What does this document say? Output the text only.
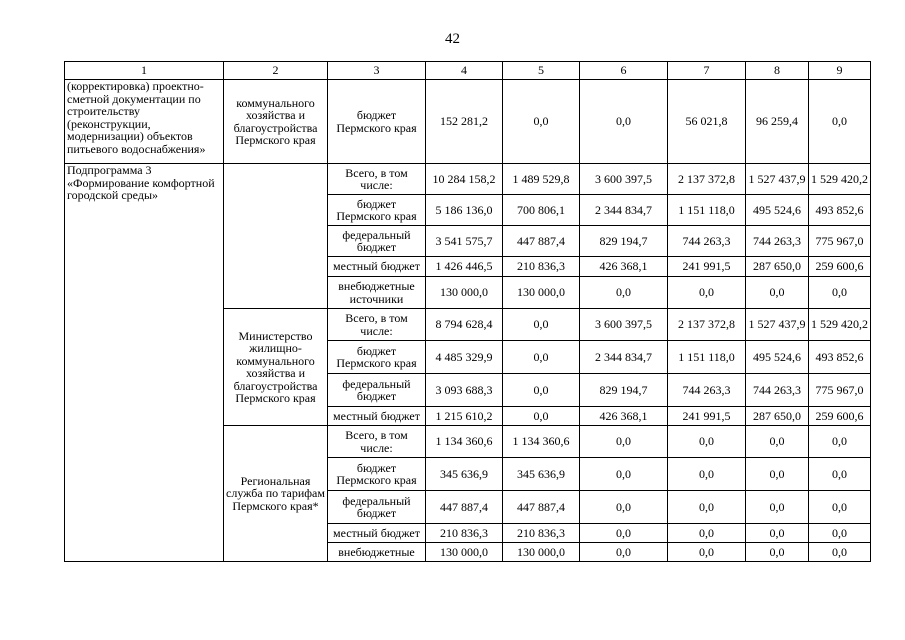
42
1	2	3	4	5	6	7	8	9
(корректировка) проектно-сметной документации по строительству (реконструкции, модернизации) объектов питьевого водоснабжения»	коммунального хозяйства и благоустройства Пермского края	бюджет Пермского края	152 281,2	0,0	0,0	56 021,8	96 259,4	0,0
Подпрограмма 3 «Формирование комфортной городской среды»		Всего, в том числе:	10 284 158,2	1 489 529,8	3 600 397,5	2 137 372,8	1 527 437,9	1 529 420,2
		бюджет Пермского края	5 186 136,0	700 806,1	2 344 834,7	1 151 118,0	495 524,6	493 852,6
		федеральный бюджет	3 541 575,7	447 887,4	829 194,7	744 263,3	744 263,3	775 967,0
		местный бюджет	1 426 446,5	210 836,3	426 368,1	241 991,5	287 650,0	259 600,6
		внебюджетные источники	130 000,0	130 000,0	0,0	0,0	0,0	0,0
	Министерство жилищно-коммунального хозяйства и благоустройства Пермского края	Всего, в том числе:	8 794 628,4	0,0	3 600 397,5	2 137 372,8	1 527 437,9	1 529 420,2
		бюджет Пермского края	4 485 329,9	0,0	2 344 834,7	1 151 118,0	495 524,6	493 852,6
		федеральный бюджет	3 093 688,3	0,0	829 194,7	744 263,3	744 263,3	775 967,0
		местный бюджет	1 215 610,2	0,0	426 368,1	241 991,5	287 650,0	259 600,6
	Региональная служба по тарифам Пермского края*	Всего, в том числе:	1 134 360,6	1 134 360,6	0,0	0,0	0,0	0,0
		бюджет Пермского края	345 636,9	345 636,9	0,0	0,0	0,0	0,0
		федеральный бюджет	447 887,4	447 887,4	0,0	0,0	0,0	0,0
		местный бюджет	210 836,3	210 836,3	0,0	0,0	0,0	0,0
		внебюджетные	130 000,0	130 000,0	0,0	0,0	0,0	0,0
